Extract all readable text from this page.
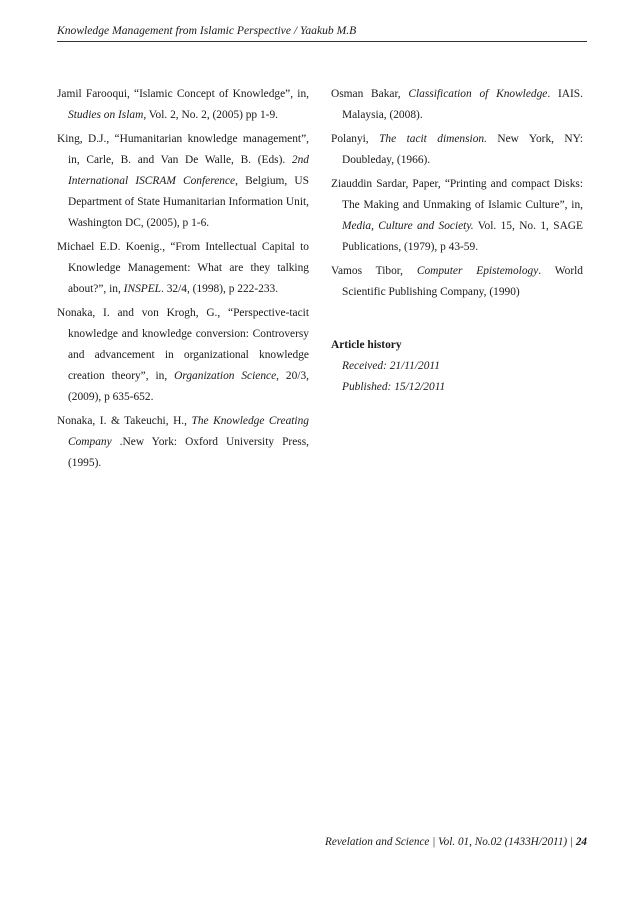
Knowledge Management from Islamic Perspective / Yaakub M.B

Jamil Farooqui, “Islamic Concept of Knowledge”, in, Studies on Islam, Vol. 2, No. 2, (2005) pp 1-9.

King, D.J., “Humanitarian knowledge management”, in, Carle, B. and Van De Walle, B. (Eds). 2nd International ISCRAM Conference, Belgium, US Department of State Humanitarian Information Unit, Washington DC, (2005), p 1-6.

Michael E.D. Koenig., “From Intellectual Capital to Knowledge Management: What are they talking about?”, in, INSPEL. 32/4, (1998), p 222-233.

Nonaka, I. and von Krogh, G., “Perspective-tacit knowledge and knowledge conversion: Controversy and advancement in organizational knowledge creation theory”, in, Organization Science, 20/3, (2009), p 635-652.

Nonaka, I. & Takeuchi, H., The Knowledge Creating Company .New York: Oxford University Press, (1995).

Osman Bakar, Classification of Knowledge. IAIS. Malaysia, (2008).

Polanyi, The tacit dimension. New York, NY: Doubleday, (1966).

Ziauddin Sardar, Paper, “Printing and compact Disks: The Making and Unmaking of Islamic Culture”, in, Media, Culture and Society. Vol. 15, No. 1, SAGE Publications, (1979), p 43-59.

Vamos Tibor, Computer Epistemology. World Scientific Publishing Company, (1990)

Article history
Received: 21/11/2011
Published: 15/12/2011
Revelation and Science | Vol. 01, No.02 (1433H/2011) | 24
